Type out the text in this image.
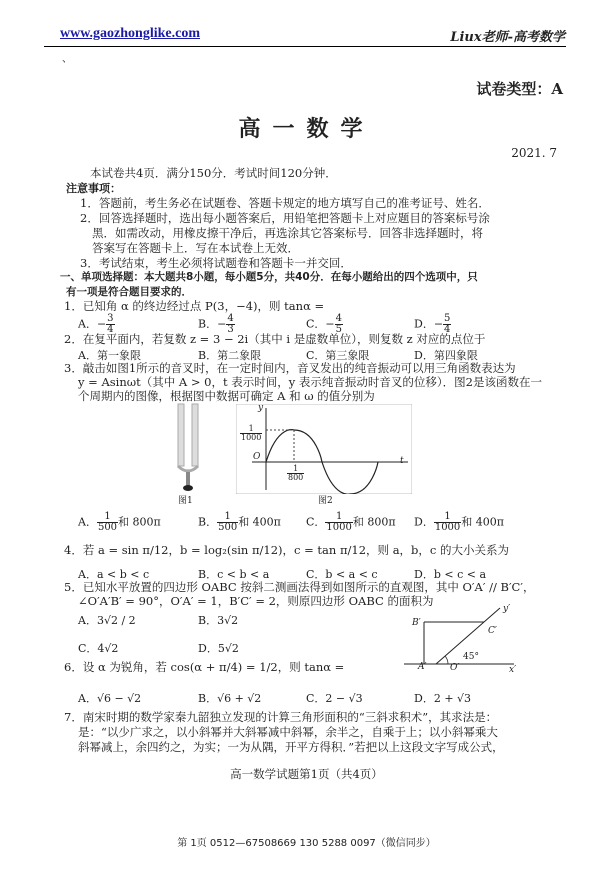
www.gaozhonglike.com	Liux老师-高考数学
、
试卷类型：A
高一数学
2021. 7
本试卷共4页．满分150分．考试时间120分钟．
注意事项：
1．答题前，考生务必在试题卷、答题卡规定的地方填写自己的准考证号、姓名．
2．回答选择题时，选出每小题答案后，用铅笔把答题卡上对应题目的答案标号涂
黑．如需改动，用橡皮擦干净后，再选涂其它答案标号．回答非选择题时，将
答案写在答题卡上．写在本试卷上无效．
3．考试结束，考生必须将试题卷和答题卡一并交回．
一、单项选择题：本大题共8小题，每小题5分，共40分．在每小题给出的四个选项中，只
有一项是符合题目要求的．
1．已知角 α 的终边经过点 P(3，−4)，则 tanα =
A．− $\frac{3}{4}$	B．− $\frac{4}{3}$	C．− $\frac{4}{5}$	D．− $\frac{5}{4}$
2．在复平面内，若复数 z = 3 − 2i（其中 i 是虚数单位），则复数 z 对应的点位于
A．第一象限	B．第二象限	C．第三象限	D．第四象限
3．敲击如图1所示的音叉时，在一定时间内，音叉发出的纯音振动可以用三角函数表达为
y = Asinωt（其中 A > 0，t 表示时间，y 表示纯音振动时音叉的位移）．图2是该函数在一
个周期内的图像，根据图中数据可确定 A 和 ω 的值分别为
图1
y
t
O
$\frac{1}{1000}$
$\frac{1}{800}$
图2
A． $\frac{1}{500}$ 和 800π	B． $\frac{1}{500}$ 和 400π C． $\frac{1}{1000}$ 和 800π D． $\frac{1}{1000}$ 和 400π
4．若 a = sin π/12，b = log₂(sin π/12)，c = tan π/12，则 a，b，c 的大小关系为
A．a < b < c	B．c < b < a	C．b < a < c	D．b < c < a
5．已知水平放置的四边形 OABC 按斜二测画法得到如图所示的直观图，其中 O′A′ // B′C′，
∠O′A′B′ = 90°，O′A′ = 1，B′C′ = 2，则原四边形 OABC 的面积为
A．3√2 / 2	B．3√2
C．4√2	D．5√2
B′
C′
A′	O′
45°
x′
y′
6．设 α 为锐角，若 cos(α + π/4) = 1/2，则 tanα =
A．√6 − √2	B．√6 + √2	C．2 − √3	D．2 + √3
7．南宋时期的数学家秦九韶独立发现的计算三角形面积的“三斜求积术”，其求法是：
是：“以少广求之，以小斜幂并大斜幂减中斜幂，余半之，自乘于上；以小斜幂乘大
斜幂减上，余四约之，为实；一为从隅，开平方得积．”若把以上这段文字写成公式，
高一数学试题第1页（共4页）
第 1页 0512—67508669 130 5288 0097（微信同步）
